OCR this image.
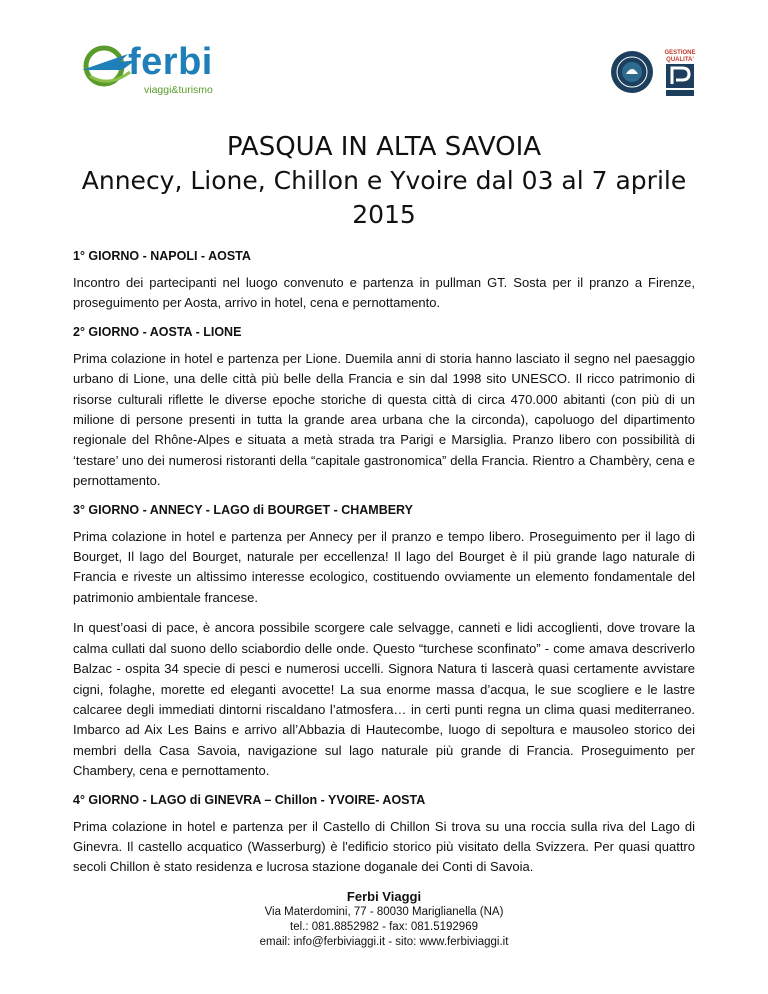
ferbi
viaggi&turismo
GESTIONE
QUALITA'
PASQUA IN ALTA SAVOIA
Annecy, Lione, Chillon e Yvoire dal 03 al 7 aprile 2015
1° GIORNO - NAPOLI - AOSTA

Incontro dei partecipanti nel luogo convenuto e partenza in pullman GT. Sosta per il pranzo a Firenze, proseguimento per Aosta, arrivo in hotel, cena e pernottamento.

2° GIORNO - AOSTA - LIONE

Prima colazione in hotel e partenza per Lione. Duemila anni di storia hanno lasciato il segno nel paesaggio urbano di Lione, una delle città più belle della Francia e sin dal 1998 sito UNESCO. Il ricco patrimonio di risorse culturali riflette le diverse epoche storiche di questa città di circa 470.000 abitanti (con più di un milione di persone presenti in tutta la grande area urbana che la circonda), capoluogo del dipartimento regionale del Rhône-Alpes e situata a metà strada tra Parigi e Marsiglia. Pranzo libero con possibilità di ‘testare’ uno dei numerosi ristoranti della “capitale gastronomica” della Francia. Rientro a Chambèry, cena e pernottamento.

3° GIORNO - ANNECY - LAGO di BOURGET - CHAMBERY

Prima colazione in hotel e partenza per Annecy per il pranzo e tempo libero. Proseguimento per il lago di Bourget, Il lago del Bourget, naturale per eccellenza! Il lago del Bourget è il più grande lago naturale di Francia e riveste un altissimo interesse ecologico, costituendo ovviamente un elemento fondamentale del patrimonio ambientale francese.

In quest’oasi di pace, è ancora possibile scorgere cale selvagge, canneti e lidi accoglienti, dove trovare la calma cullati dal suono dello sciabordio delle onde. Questo “turchese sconfinato” - come amava descriverlo Balzac - ospita 34 specie di pesci e numerosi uccelli. Signora Natura ti lascerà quasi certamente avvistare cigni, folaghe, morette ed eleganti avocette! La sua enorme massa d’acqua, le sue scogliere e le lastre calcaree degli immediati dintorni riscaldano l’atmosfera… in certi punti regna un clima quasi mediterraneo. Imbarco ad Aix Les Bains e arrivo all’Abbazia di Hautecombe, luogo di sepoltura e mausoleo storico dei membri della Casa Savoia, navigazione sul lago naturale più grande di Francia. Proseguimento per Chambery, cena e pernottamento.

4° GIORNO - LAGO di GINEVRA – Chillon - YVOIRE- AOSTA

Prima colazione in hotel e partenza per il Castello di Chillon Si trova su una roccia sulla riva del Lago di Ginevra. Il castello acquatico (Wasserburg) è l'edificio storico più visitato della Svizzera. Per quasi quattro secoli Chillon è stato residenza e lucrosa stazione doganale dei Conti di Savoia.

Ferbi Viaggi
Via Materdomini, 77 - 80030 Mariglianella (NA)
tel.: 081.8852982 - fax: 081.5192969
email: info@ferbiviaggi.it - sito: www.ferbiviaggi.it
